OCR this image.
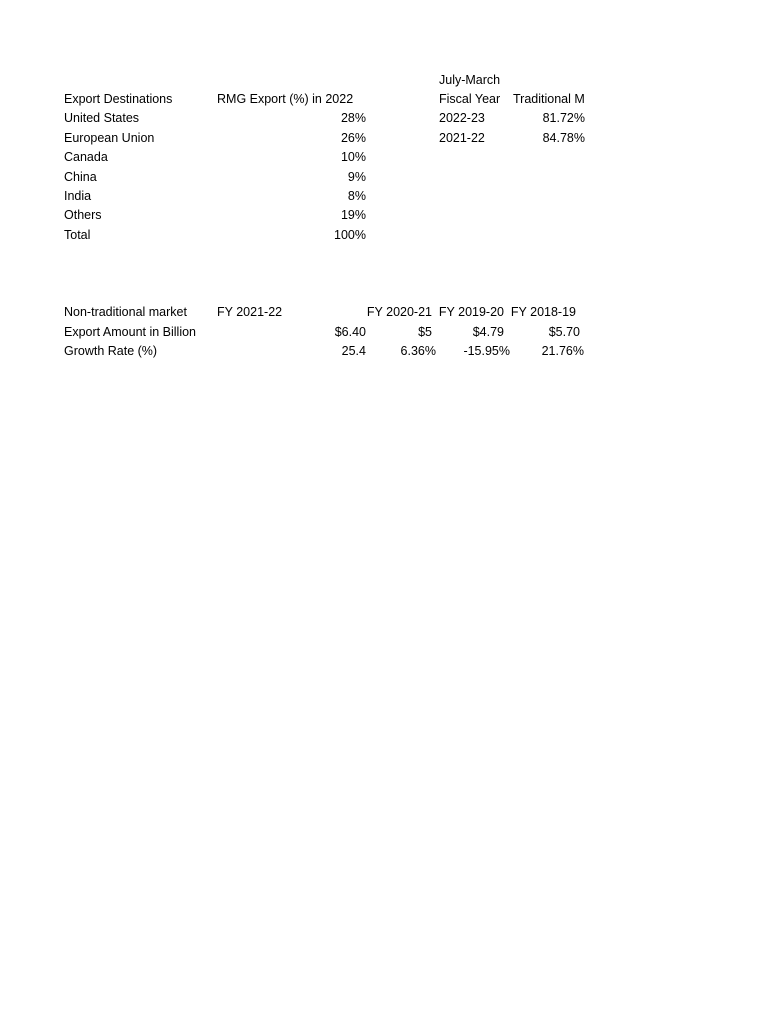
Export Destinations	RMG Export (%) in 2022
United States	28%
European Union	26%
Canada	10%
China	9%
India	8%
Others	19%
Total	100%
July-March
Fiscal Year	Traditional M
2022-23	81.72%
2021-22	84.78%
Non-traditional market	FY 2021-22	FY 2020-21 FY 2019-20 FY 2018-19
Export Amount in Billion	$6.40	$5	$4.79	$5.70
Growth Rate (%)	25.4	6.36%	-15.95%	21.76%
